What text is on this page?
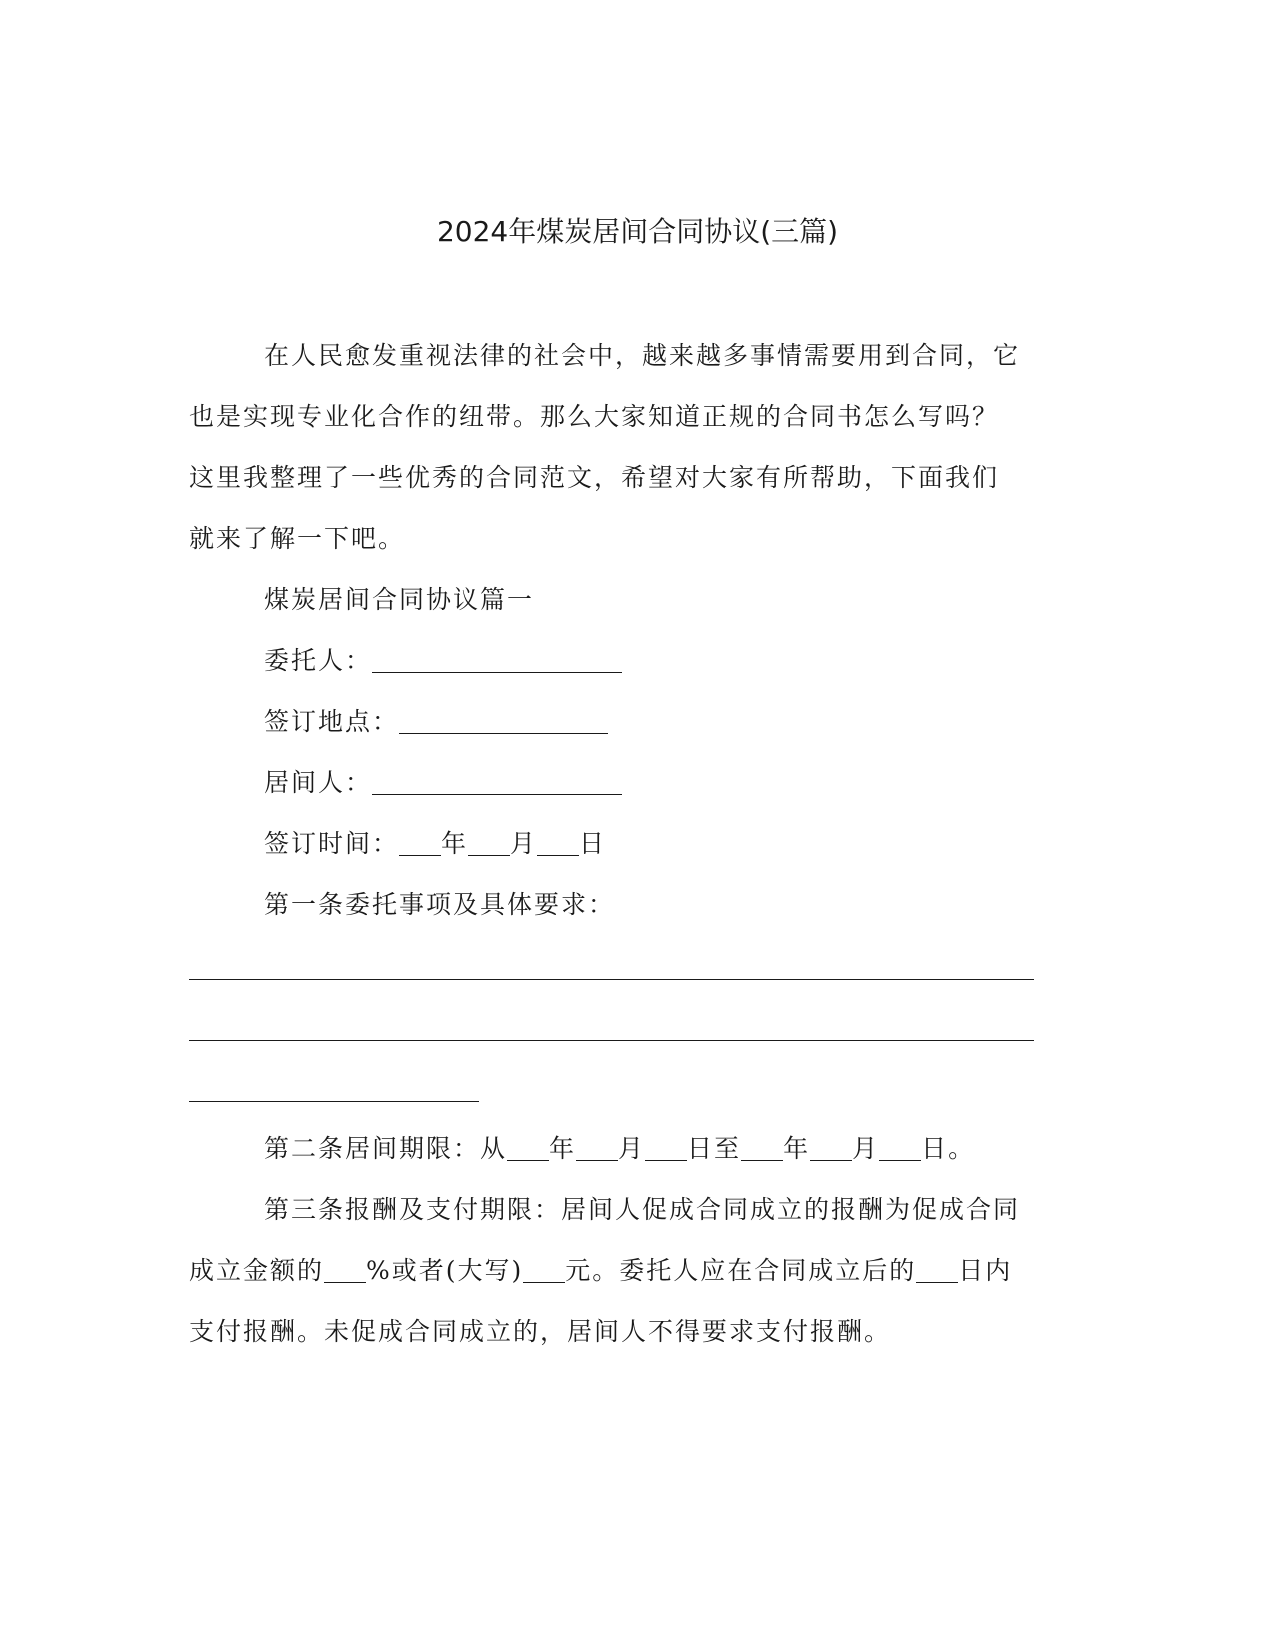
2024年煤炭居间合同协议(三篇)
在人民愈发重视法律的社会中，越来越多事情需要用到合同，它
也是实现专业化合作的纽带。那么大家知道正规的合同书怎么写吗？
这里我整理了一些优秀的合同范文，希望对大家有所帮助，下面我们
就来了解一下吧。
煤炭居间合同协议篇一
委托人：
签订地点：
居间人：
签订时间： 年 月 日
第一条委托事项及具体要求：
第二条居间期限：从 年 月 日至 年 月 日。
第三条报酬及支付期限：居间人促成合同成立的报酬为促成合同
成立金额的 %或者(大写) 元。委托人应在合同成立后的 日内
支付报酬。未促成合同成立的，居间人不得要求支付报酬。
